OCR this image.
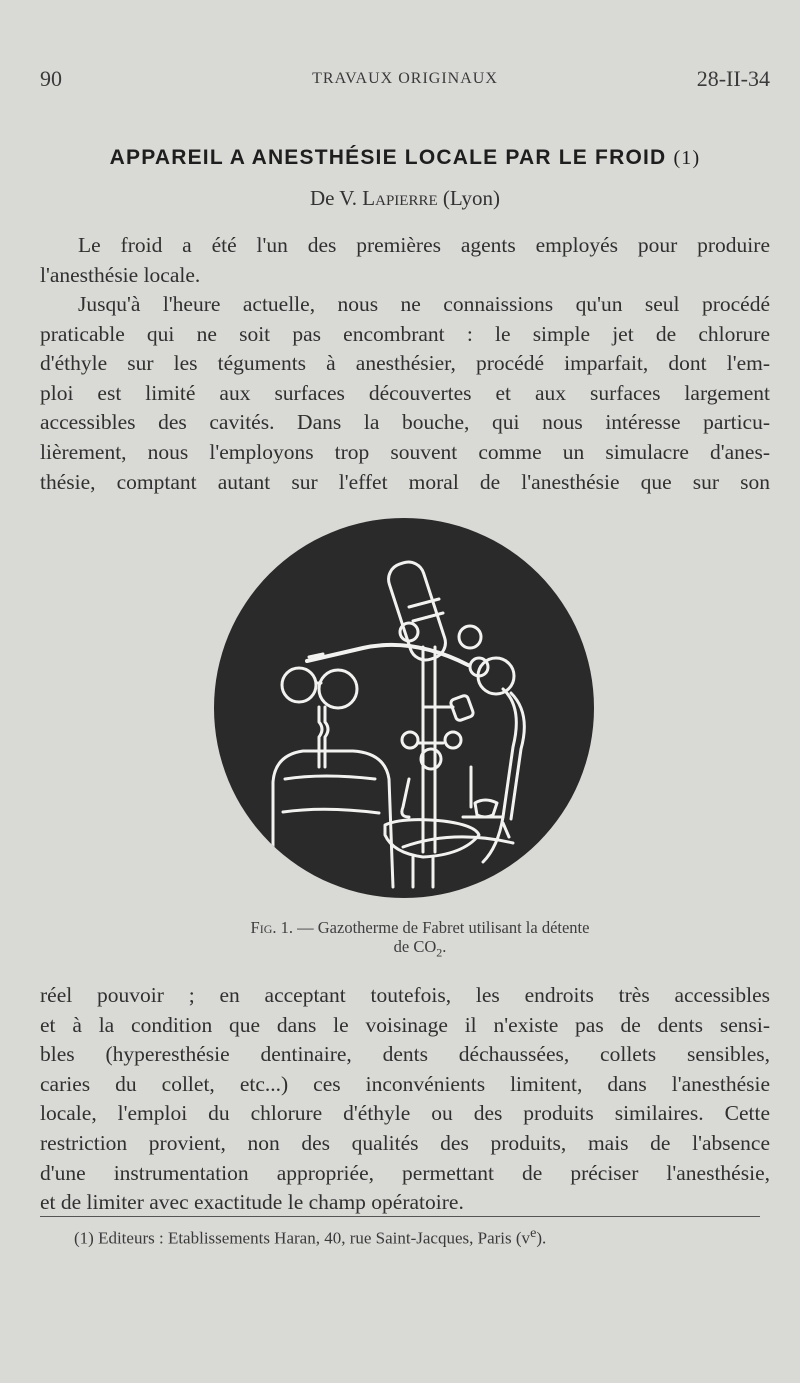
90	TRAVAUX ORIGINAUX	28-II-34
APPAREIL A ANESTHÉSIE LOCALE PAR LE FROID (1)
De V. Lapierre (Lyon)
Le froid a été l'un des premières agents employés pour produire
l'anesthésie locale.
Jusqu'à l'heure actuelle, nous ne connaissions qu'un seul procédé
praticable qui ne soit pas encombrant : le simple jet de chlorure
d'éthyle sur les téguments à anesthésier, procédé imparfait, dont l'em-
ploi est limité aux surfaces découvertes et aux surfaces largement
accessibles des cavités. Dans la bouche, qui nous intéresse particu-
lièrement, nous l'employons trop souvent comme un simulacre d'anes-
thésie, comptant autant sur l'effet moral de l'anesthésie que sur son
Fig. 1. — Gazotherme de Fabret utilisant la détente
de $CO_2$.
réel pouvoir ; en acceptant toutefois, les endroits très accessibles
et à la condition que dans le voisinage il n'existe pas de dents sensi-
bles (hyperesthésie dentinaire, dents déchaussées, collets sensibles,
caries du collet, etc...) ces inconvénients limitent, dans l'anesthésie
locale, l'emploi du chlorure d'éthyle ou des produits similaires. Cette
restriction provient, non des qualités des produits, mais de l'absence
d'une instrumentation appropriée, permettant de préciser l'anesthésie,
et de limiter avec exactitude le champ opératoire.
(1) Editeurs : Etablissements Haran, 40, rue Saint-Jacques, Paris $(v^e)$.
